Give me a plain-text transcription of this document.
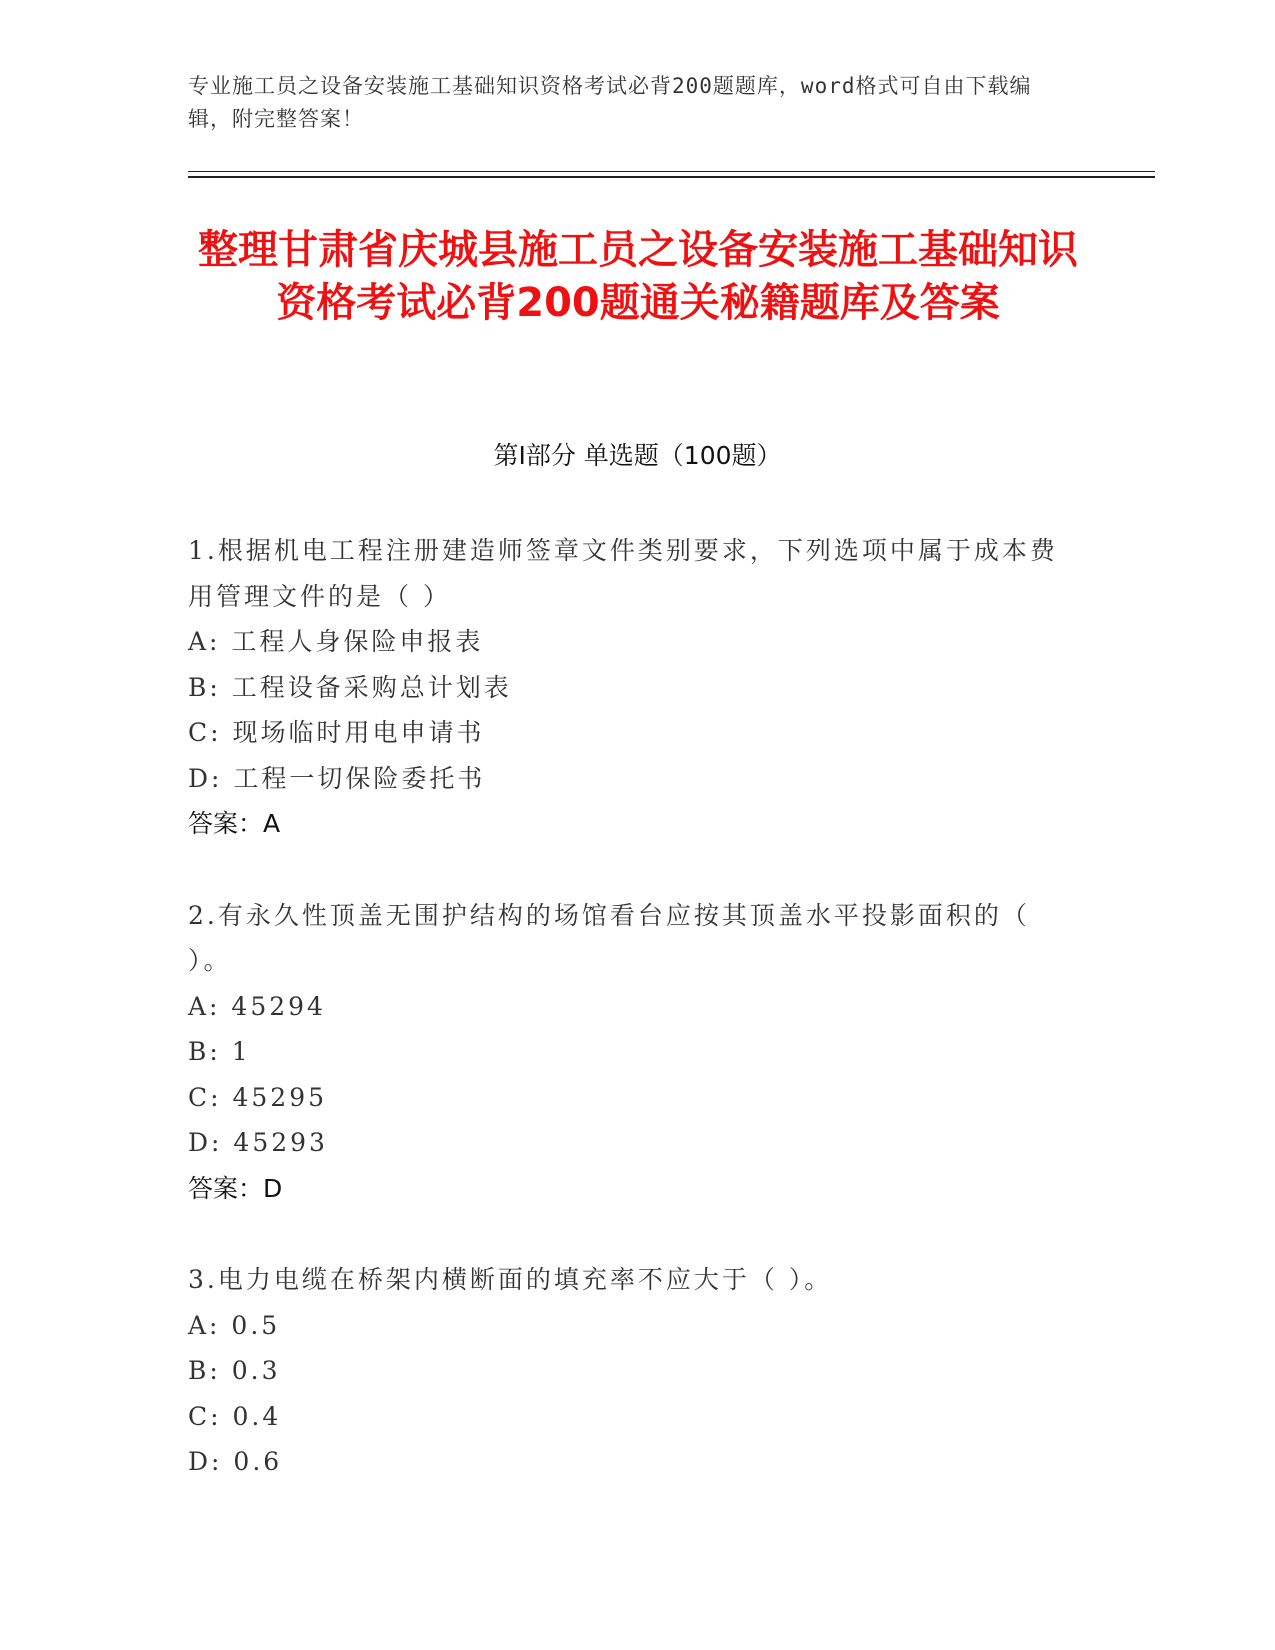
专业施工员之设备安装施工基础知识资格考试必背200题题库，word格式可自由下载编辑，附完整答案！
整理甘肃省庆城县施工员之设备安装施工基础知识资格考试必背200题通关秘籍题库及答案
第Ⅰ部分 单选题（100题）
1.根据机电工程注册建造师签章文件类别要求，下列选项中属于成本费用管理文件的是（ ）
A: 工程人身保险申报表
B: 工程设备采购总计划表
C: 现场临时用电申请书
D: 工程一切保险委托书
答案：A
2.有永久性顶盖无围护结构的场馆看台应按其顶盖水平投影面积的（ ）。
A: 45294
B: 1
C: 45295
D: 45293
答案：D
3.电力电缆在桥架内横断面的填充率不应大于（ ）。
A: 0.5
B: 0.3
C: 0.4
D: 0.6
